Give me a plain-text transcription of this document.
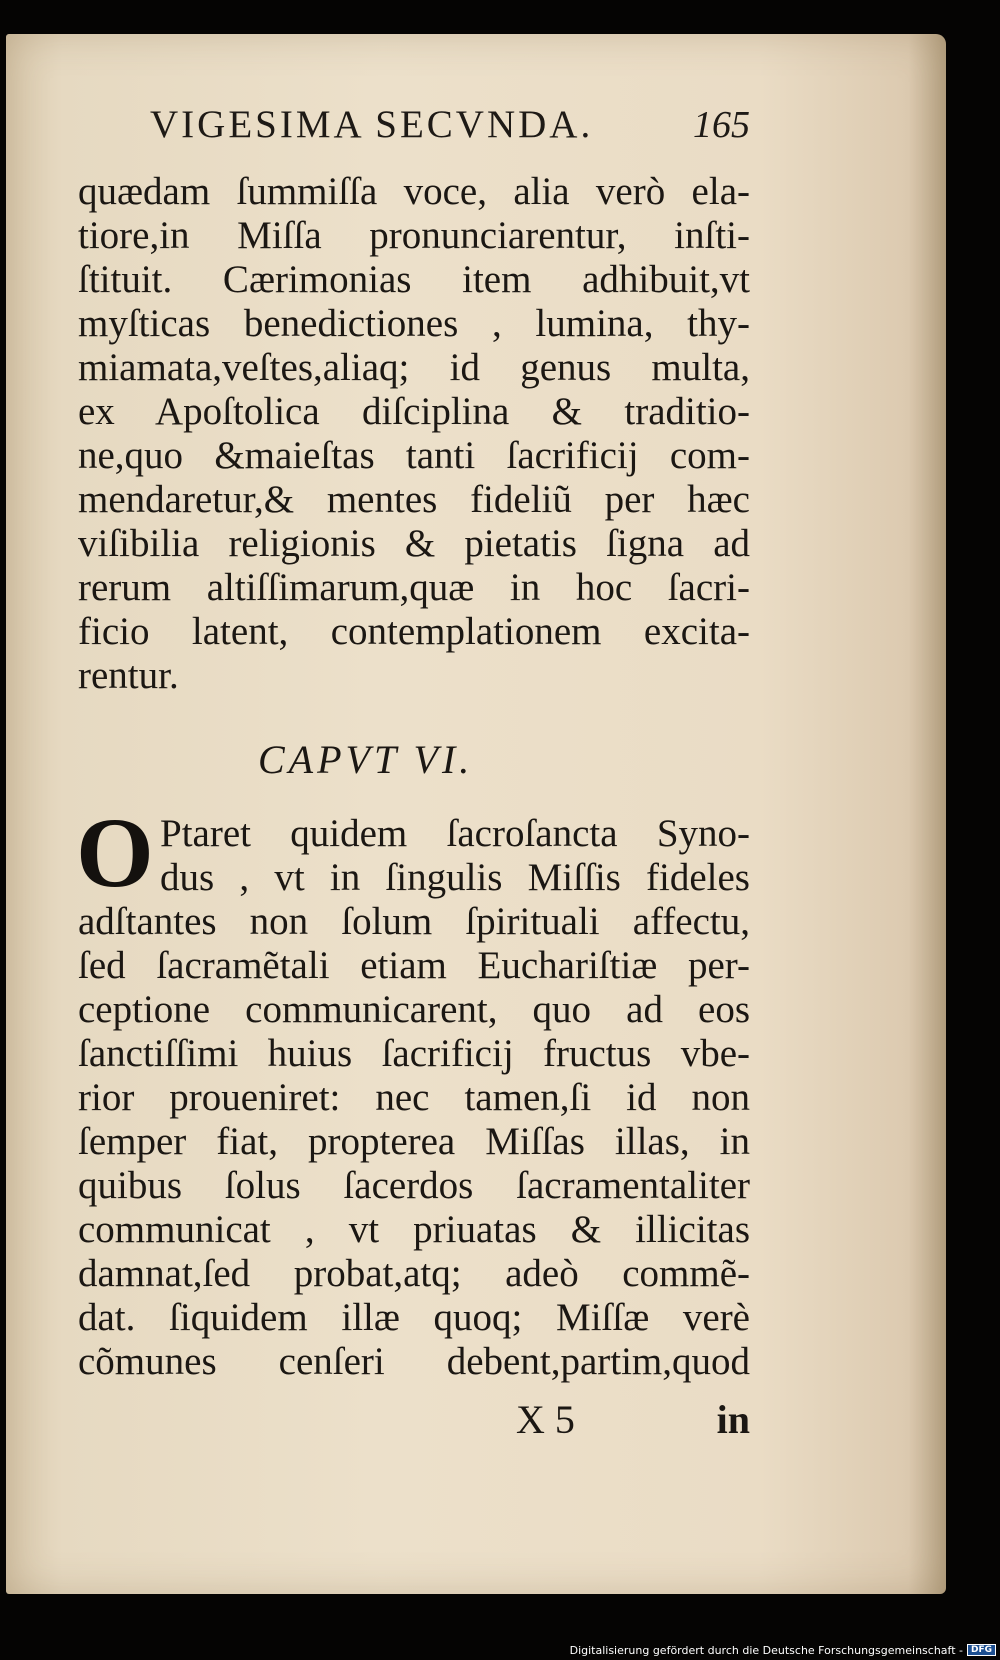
VIGESIMA SECVNDA.	165
quædam ſummiſſa voce, alia verò ela-
tiore,in Miſſa pronunciarentur, inſti-
ſtituit. Cærimonias item adhibuit,vt
myſticas benedictiones , lumina, thy-
miamata,veſtes,aliaq; id genus multa,
ex Apoſtolica diſciplina & traditio-
ne,quo &maieſtas tanti ſacrificij com-
mendaretur,& mentes fideliũ per hæc
viſibilia religionis & pietatis ſigna ad
rerum altiſſimarum,quæ in hoc ſacri-
ficio latent, contemplationem excita-
rentur.
CAPVT VI.
O Ptaret quidem ſacroſancta Syno-
dus , vt in ſingulis Miſſis fideles
adſtantes non ſolum ſpirituali affectu,
ſed ſacramẽtali etiam Euchariſtiæ per-
ceptione communicarent, quo ad eos
ſanctiſſimi huius ſacrificij fructus vbe-
rior proueniret: nec tamen,ſi id non
ſemper fiat, propterea Miſſas illas, in
quibus ſolus ſacerdos ſacramentaliter
communicat , vt priuatas & illicitas
damnat,ſed probat,atq; adeò commẽ-
dat. ſiquidem illæ quoq; Miſſæ verè
cõmunes cenſeri debent,partim,quod
X 5	in
Digitalisierung gefördert durch die Deutsche Forschungsgemeinschaft - DFG
